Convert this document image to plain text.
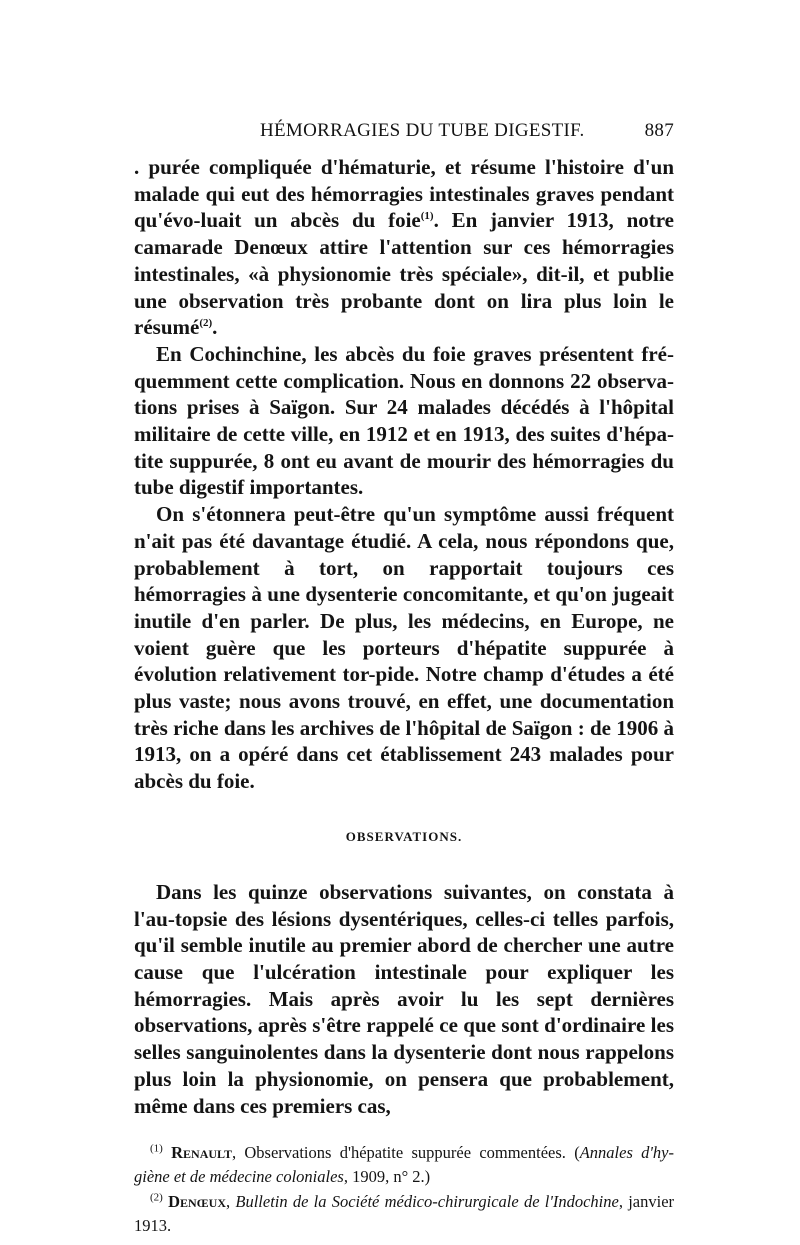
HÉMORRAGIES DU TUBE DIGESTIF.	887

. purée compliquée d'hématurie, et résume l'histoire d'un malade qui eut des hémorragies intestinales graves pendant qu'évo-luait un abcès du foie$^{(1)}$. En janvier 1913, notre camarade Denœux attire l'attention sur ces hémorragies intestinales, «à physionomie très spéciale», dit-il, et publie une observation très probante dont on lira plus loin le résumé$^{(2)}$.

En Cochinchine, les abcès du foie graves présentent fré-quemment cette complication. Nous en donnons 22 observa-tions prises à Saïgon. Sur 24 malades décédés à l'hôpital militaire de cette ville, en 1912 et en 1913, des suites d'hépa-tite suppurée, 8 ont eu avant de mourir des hémorragies du tube digestif importantes.

On s'étonnera peut-être qu'un symptôme aussi fréquent n'ait pas été davantage étudié. A cela, nous répondons que, probablement à tort, on rapportait toujours ces hémorragies à une dysenterie concomitante, et qu'on jugeait inutile d'en parler. De plus, les médecins, en Europe, ne voient guère que les porteurs d'hépatite suppurée à évolution relativement tor-pide. Notre champ d'études a été plus vaste; nous avons trouvé, en effet, une documentation très riche dans les archives de l'hôpital de Saïgon : de 1906 à 1913, on a opéré dans cet établissement 243 malades pour abcès du foie.

OBSERVATIONS.

Dans les quinze observations suivantes, on constata à l'au-topsie des lésions dysentériques, celles-ci telles parfois, qu'il semble inutile au premier abord de chercher une autre cause que l'ulcération intestinale pour expliquer les hémorragies. Mais après avoir lu les sept dernières observations, après s'être rappelé ce que sont d'ordinaire les selles sanguinolentes dans la dysenterie dont nous rappelons plus loin la physionomie, on pensera que probablement, même dans ces premiers cas,

$^{(1)}$ Renault, Observations d'hépatite suppurée commentées. (Annales d'hy-giène et de médecine coloniales, 1909, n° 2.)

$^{(2)}$ Denœux, Bulletin de la Société médico-chirurgicale de l'Indochine, janvier 1913.
